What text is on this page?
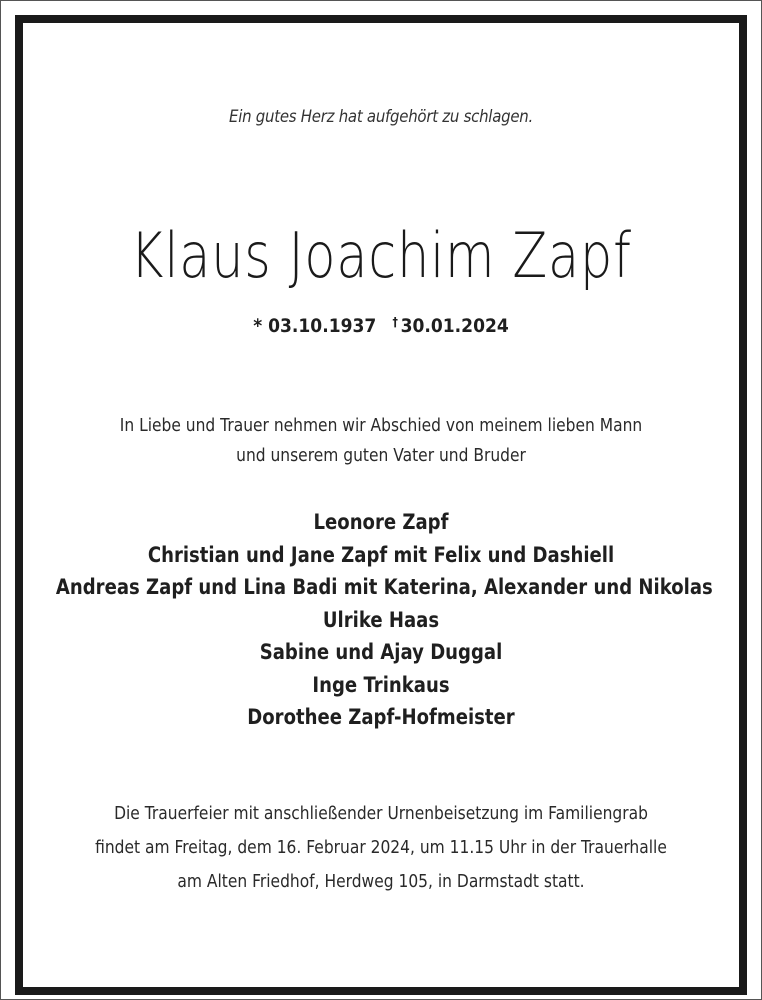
Ein gutes Herz hat aufgehört zu schlagen.
Klaus Joachim Zapf
* 03.10.1937 † 30.01.2024
In Liebe und Trauer nehmen wir Abschied von meinem lieben Mann
und unserem guten Vater und Bruder
Leonore Zapf
Christian und Jane Zapf mit Felix und Dashiell
Andreas Zapf und Lina Badi mit Katerina, Alexander und Nikolas
Ulrike Haas
Sabine und Ajay Duggal
Inge Trinkaus
Dorothee Zapf-Hofmeister
Die Trauerfeier mit anschließender Urnenbeisetzung im Familiengrab
findet am Freitag, dem 16. Februar 2024, um 11.15 Uhr in der Trauerhalle
am Alten Friedhof, Herdweg 105, in Darmstadt statt.
